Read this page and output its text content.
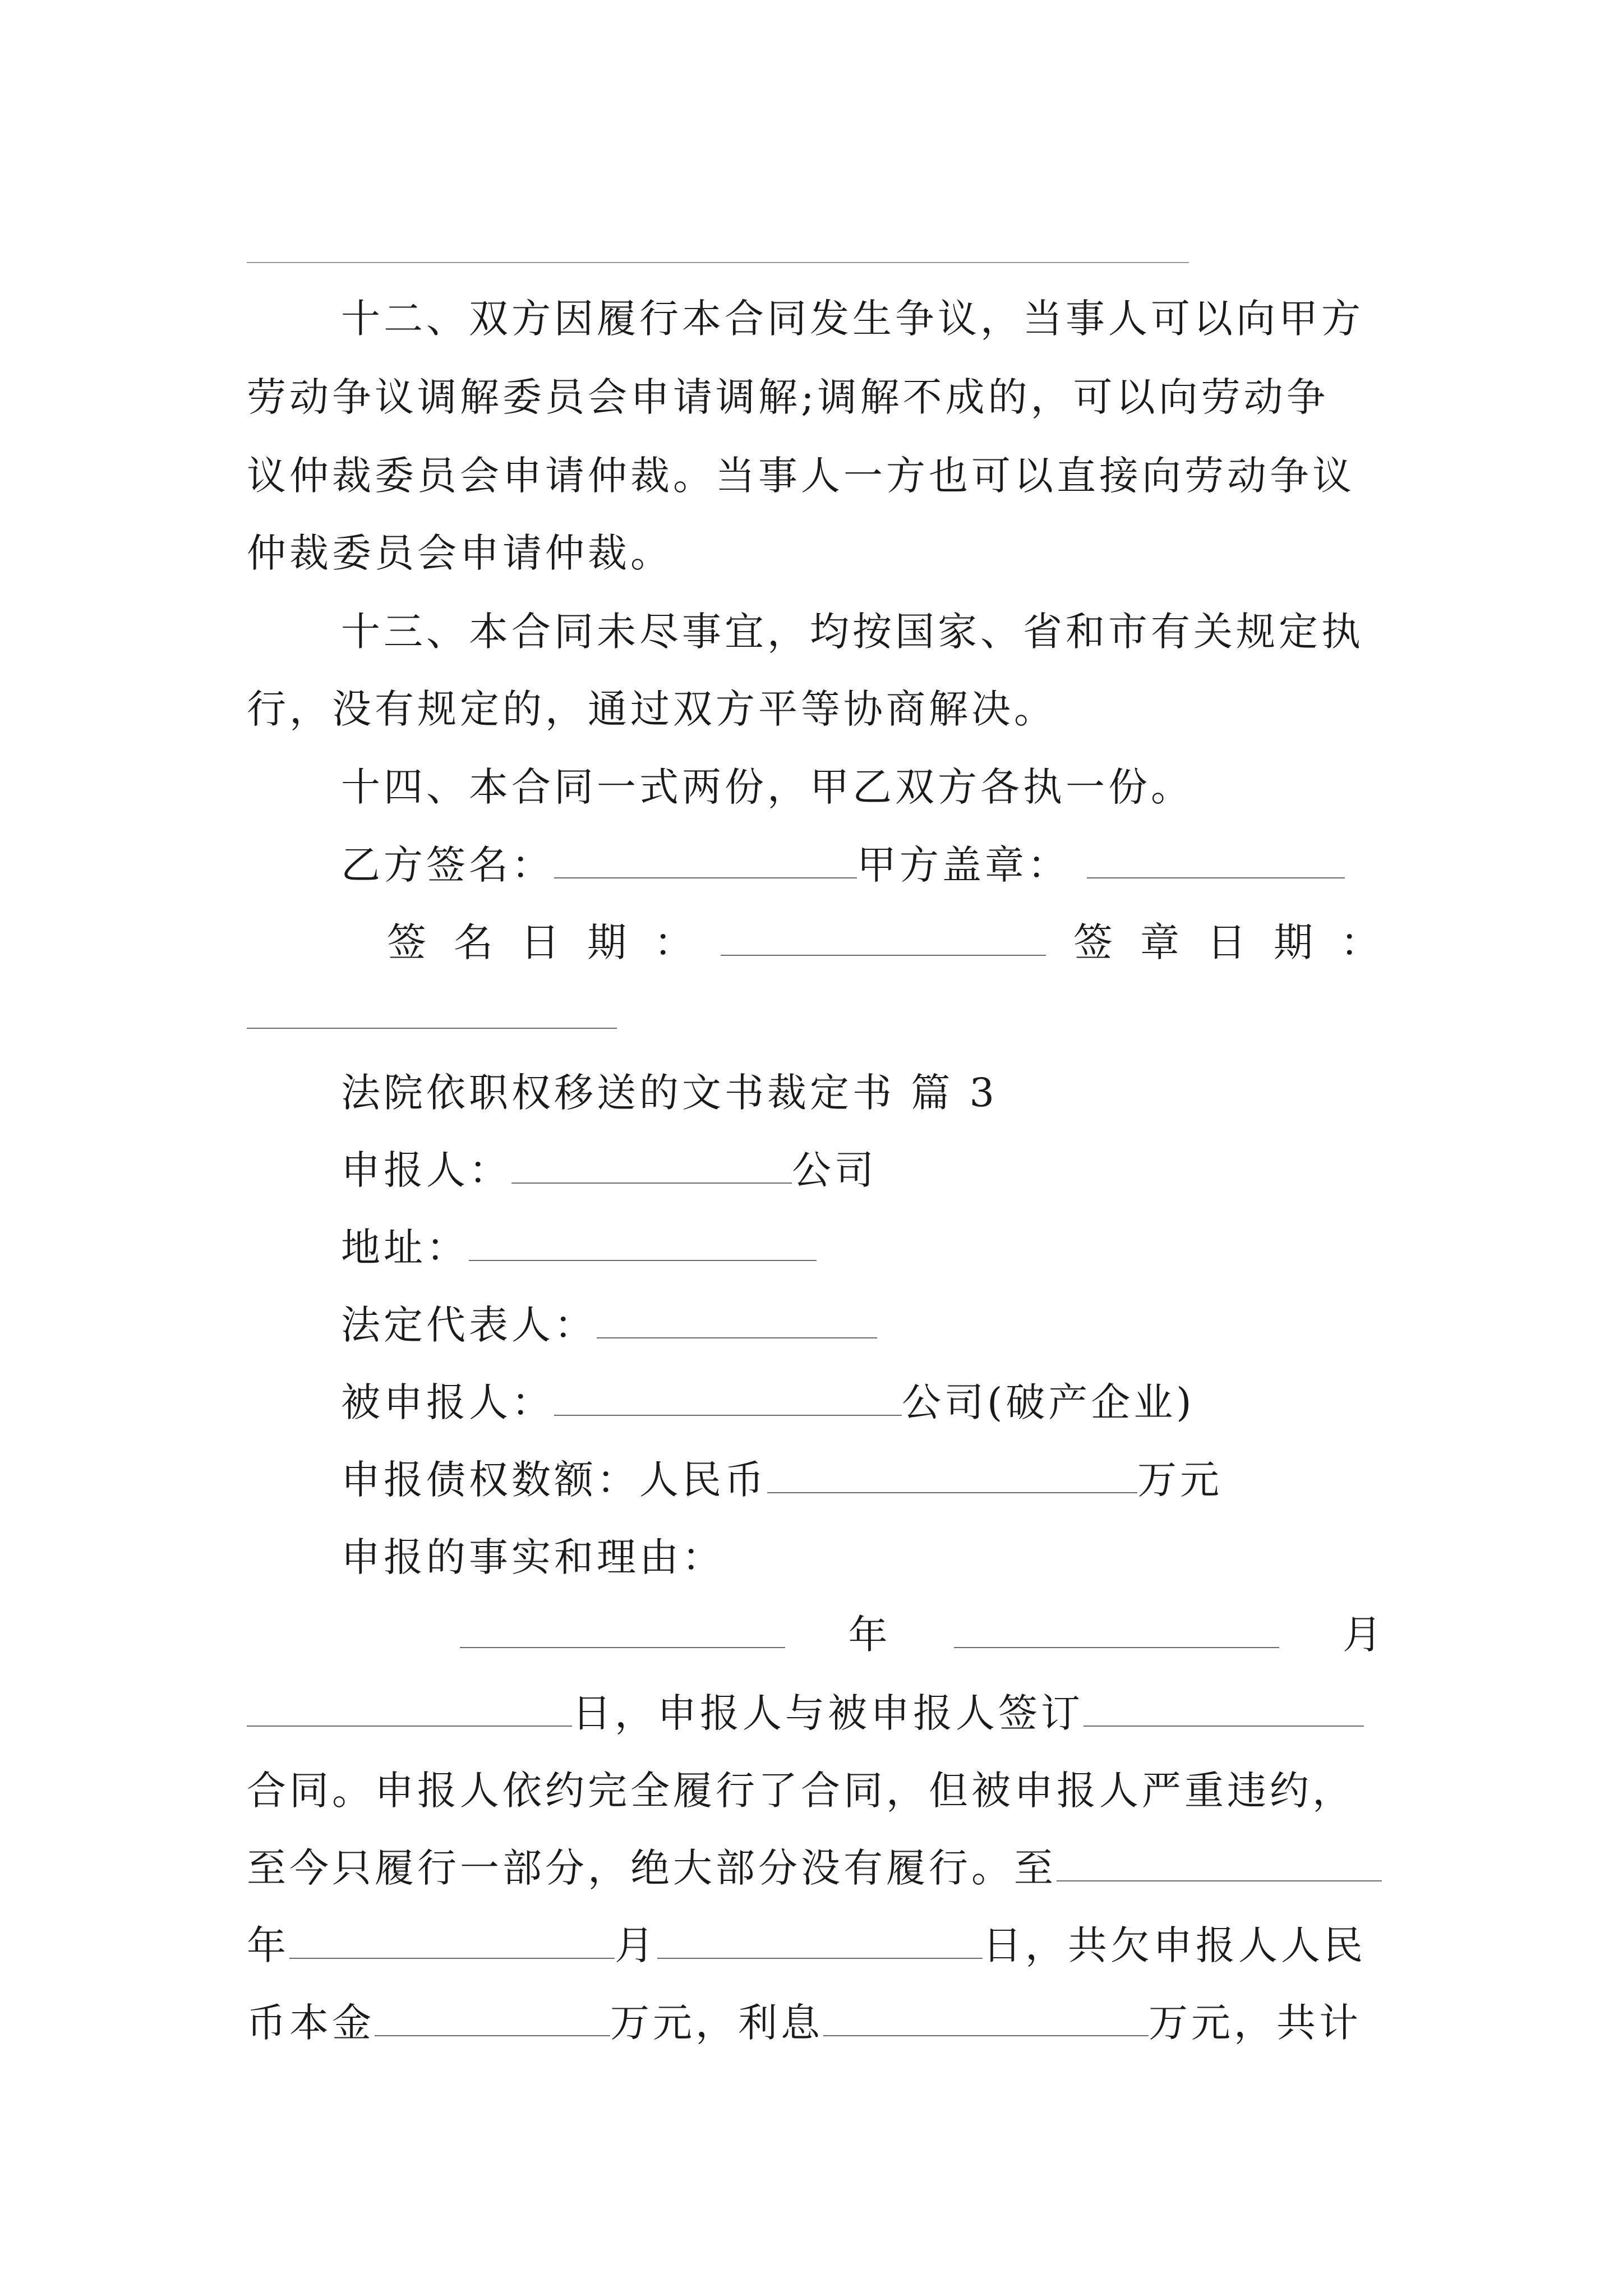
十二、双方因履行本合同发生争议，当事人可以向甲方
劳动争议调解委员会申请调解;调解不成的，可以向劳动争
议仲裁委员会申请仲裁。当事人一方也可以直接向劳动争议
仲裁委员会申请仲裁。
十三、本合同未尽事宜，均按国家、省和市有关规定执
行，没有规定的，通过双方平等协商解决。
十四、本合同一式两份，甲乙双方各执一份。
乙方签名：	甲方盖章：
签 名 日 期 ：	签 章 日 期 ：
法院依职权移送的文书裁定书 篇 3
申报人：	公司
地址：
法定代表人：
被申报人：	公司(破产企业)
申报债权数额：人民币	万元
申报的事实和理由：
年	月
日，申报人与被申报人签订
合同。申报人依约完全履行了合同，但被申报人严重违约，
至今只履行一部分，绝大部分没有履行。至
年	月	日，共欠申报人人民
币本金	万元，利息	万元，共计
